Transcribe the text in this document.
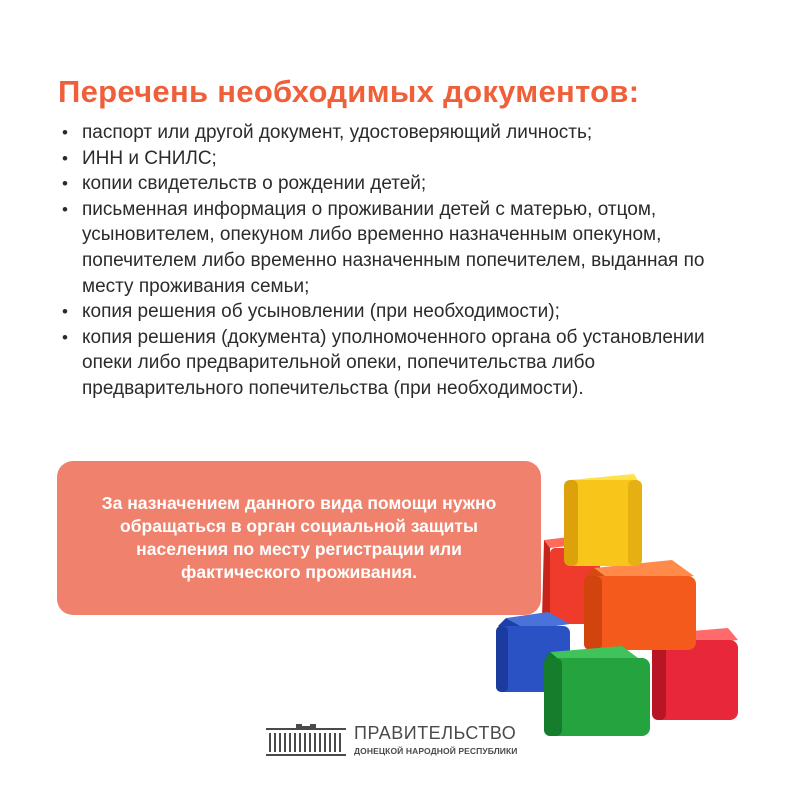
Перечень необходимых документов:
• паспорт или другой документ, удостоверяющий личность;
• ИНН и СНИЛС;
• копии свидетельств о рождении детей;
• письменная информация о проживании детей с матерью, отцом, усыновителем, опекуном либо временно назначенным опекуном, попечителем либо временно назначенным попечителем, выданная по месту проживания семьи;
• копия решения об усыновлении (при необходимости);
• копия решения (документа) уполномоченного органа об установлении опеки либо предварительной опеки, попечительства либо предварительного попечительства (при необходимости).
За назначением данного вида помощи нужно обращаться в орган социальной защиты населения по месту регистрации или фактического проживания.
ПРАВИТЕЛЬСТВО
ДОНЕЦКОЙ НАРОДНОЙ РЕСПУБЛИКИ
